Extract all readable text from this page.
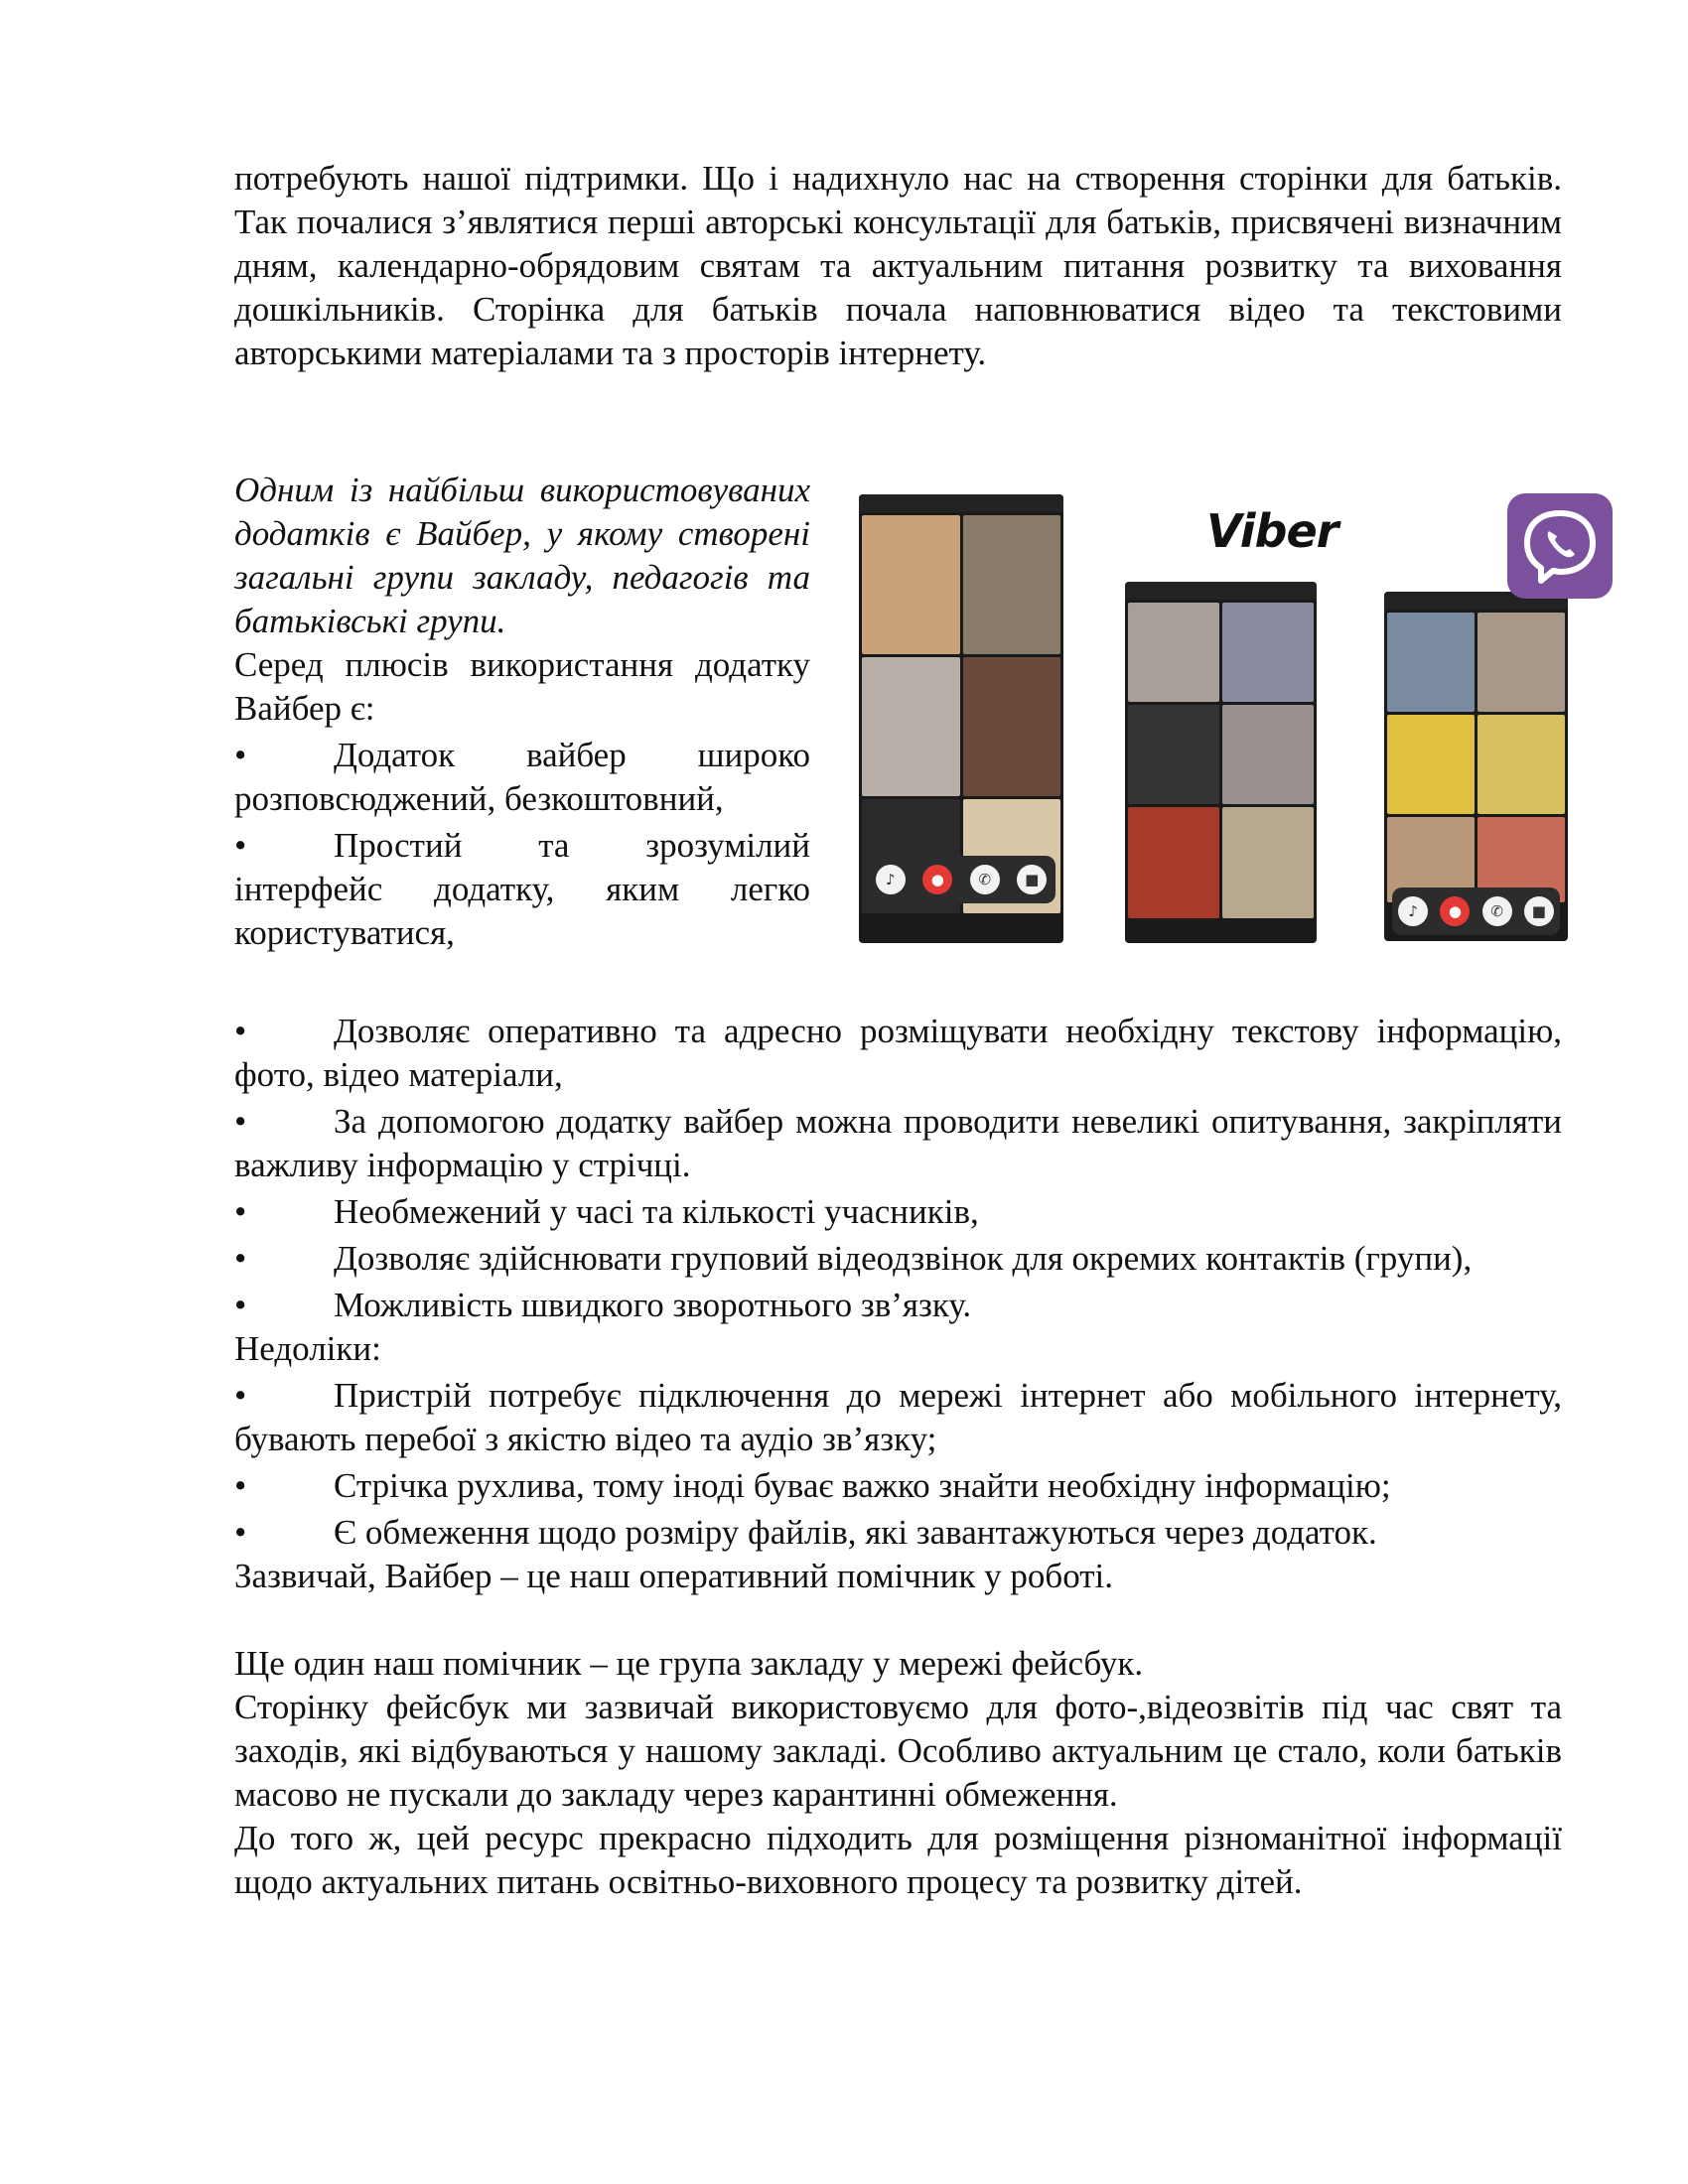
потребують нашої підтримки. Що і надихнуло нас на створення сторінки для батьків. Так почалися з’являтися перші авторські консультації для батьків, присвячені визначним дням, календарно-обрядовим святам та актуальним питання розвитку та виховання дошкільників. Сторінка для батьків почала наповнюватися відео та текстовими авторськими матеріалами та з просторів інтернету.

Одним із найбільш використовуваних додатків є Вайбер, у якому створені загальні групи закладу, педагогів та батьківські групи.
Серед плюсів використання додатку Вайбер є:
•	Додаток вайбер широко розповсюджений, безкоштовний,
•	Простий та зрозумілий інтерфейс додатку, яким легко користуватися,
♪	●	✆	■
Viber
♪	●	✆	■
•	Дозволяє оперативно та адресно розміщувати необхідну текстову інформацію, фото, відео матеріали,
•	За допомогою додатку вайбер можна проводити невеликі опитування, закріпляти важливу інформацію у стрічці.
•	Необмежений у часі та кількості учасників,
•	Дозволяє здійснювати груповий відеодзвінок для окремих контактів (групи),
•	Можливість швидкого зворотнього зв’язку.
Недоліки:
•	Пристрій потребує підключення до мережі інтернет або мобільного інтернету, бувають перебої з якістю відео та аудіо зв’язку;
•	Стрічка рухлива, тому іноді буває важко знайти необхідну інформацію;
•	Є обмеження щодо розміру файлів, які завантажуються через додаток.
Зазвичай, Вайбер – це наш оперативний помічник у роботі.
Ще один наш помічник – це група закладу у мережі фейсбук.
Сторінку фейсбук ми зазвичай використовуємо для фото-,відеозвітів під час свят та заходів, які відбуваються у нашому закладі. Особливо актуальним це стало, коли батьків масово не пускали до закладу через карантинні обмеження.
До того ж, цей ресурс прекрасно підходить для розміщення різноманітної інформації щодо актуальних питань освітньо-виховного процесу та розвитку дітей.
